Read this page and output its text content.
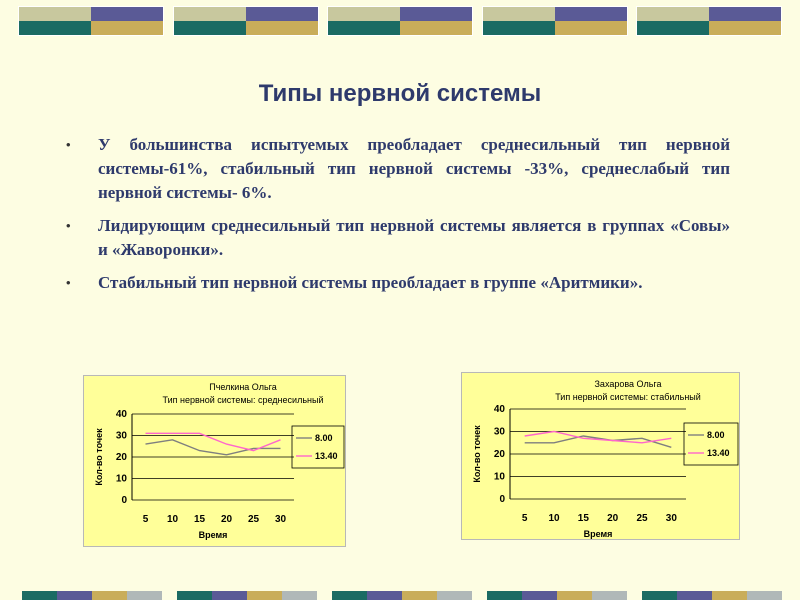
Типы нервной системы
• У большинства испытуемых преобладает среднесильный тип нервной системы-61%, стабильный тип нервной системы -33%, среднеслабый тип нервной системы- 6%.
• Лидирующим среднесильный тип нервной системы является в группах «Совы» и «Жаворонки».
• Стабильный тип нервной системы преобладает в группе «Аритмики».
Пчелкина Ольга
Тип нервной системы: среднесильный
0
10
20
30
40
5 10 15 20 25 30
Время
Кол-во точек	8.00
13.40
Захарова Ольга
Тип нервной системы: стабильный
0
10
20
30
40
5 10 15 20 25 30
Время
Кол-во точек	8.00
13.40
